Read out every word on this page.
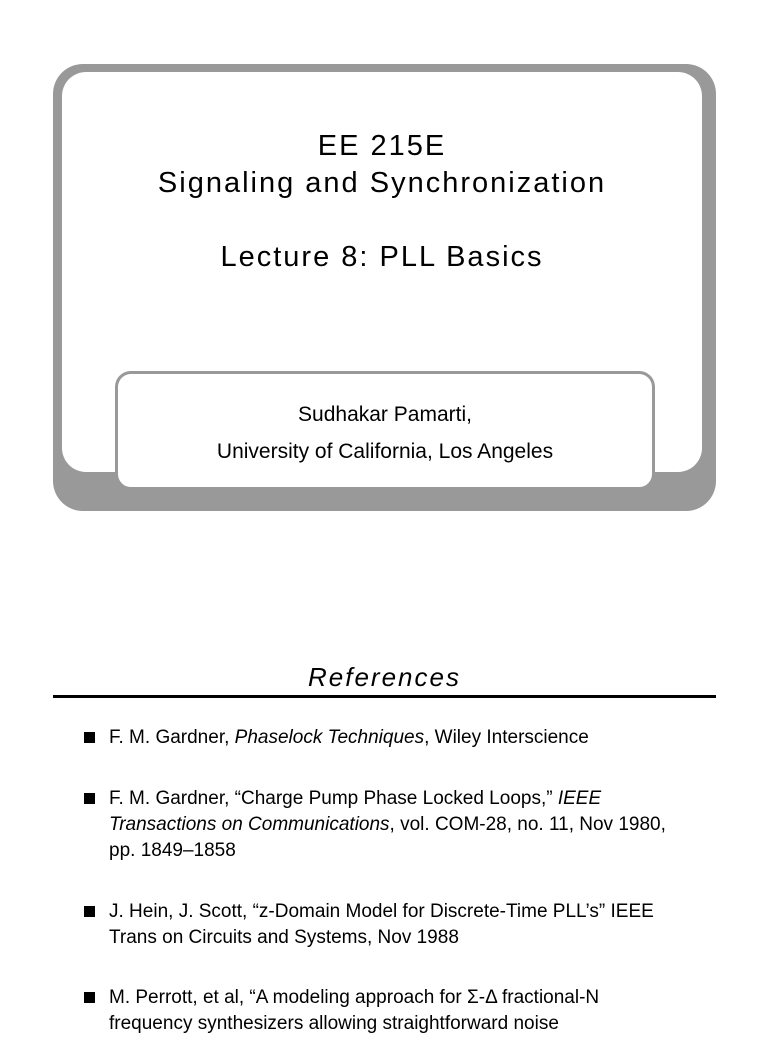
EE 215E
Signaling and Synchronization
Lecture 8: PLL Basics
Sudhakar Pamarti,
University of California, Los Angeles
References
F. M. Gardner, Phaselock Techniques, Wiley Interscience
F. M. Gardner, “Charge Pump Phase Locked Loops,” IEEE Transactions on Communications, vol. COM-28, no. 11, Nov 1980, pp. 1849–1858
J. Hein, J. Scott, “z-Domain Model for Discrete-Time PLL’s” IEEE Trans on Circuits and Systems, Nov 1988
M. Perrott, et al, “A modeling approach for Σ-Δ fractional-N frequency synthesizers allowing straightforward noise
